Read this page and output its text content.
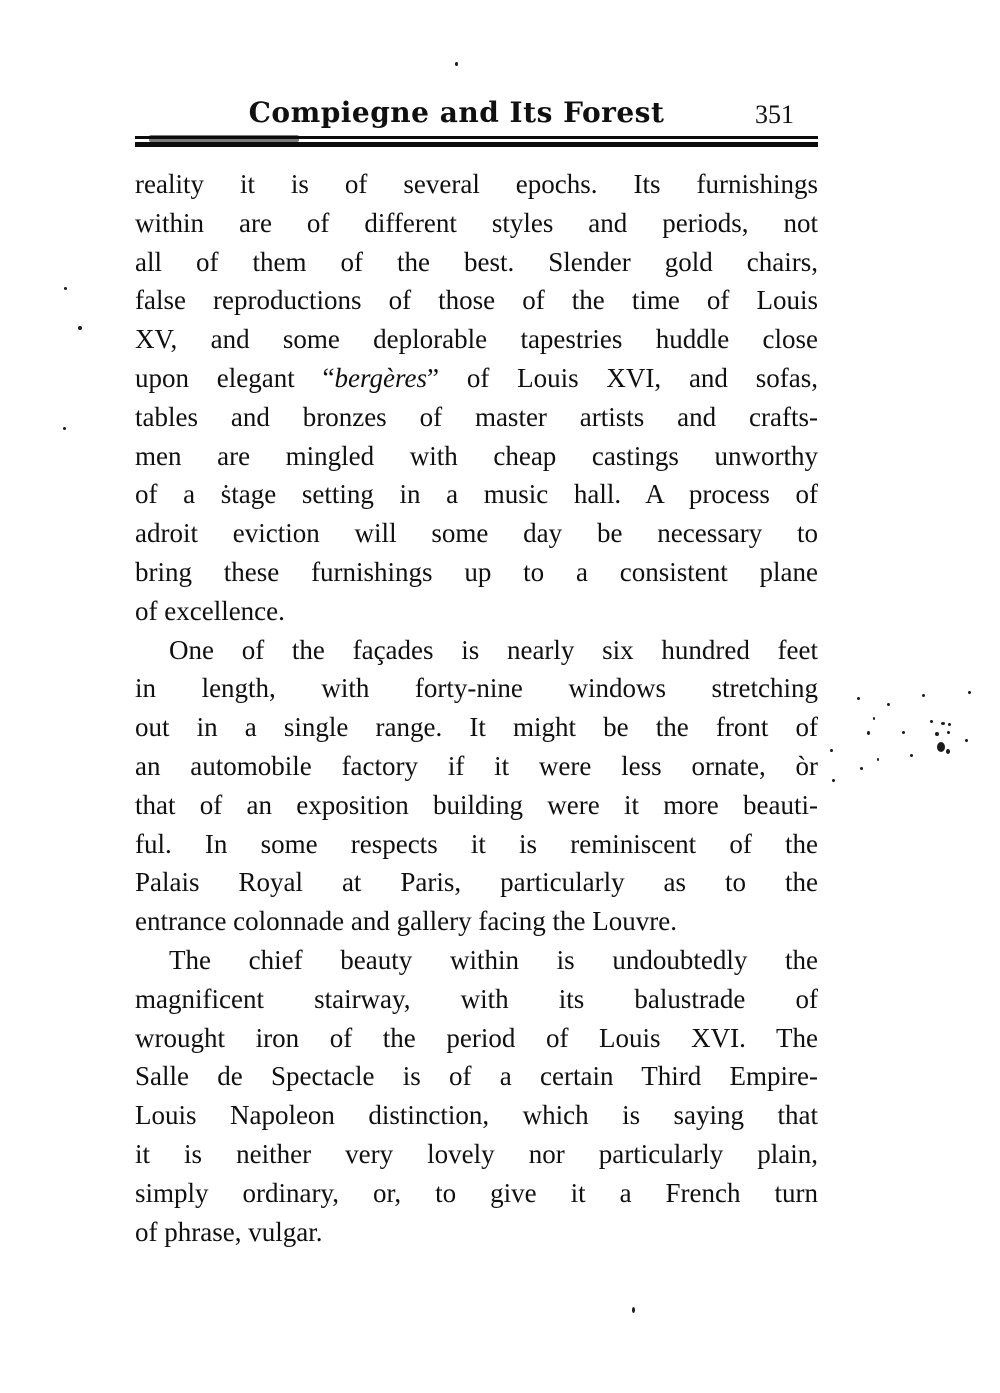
Compiegne and Its Forest	351
reality it is of several epochs. Its furnishings
within are of different styles and periods, not
all of them of the best. Slender gold chairs,
false reproductions of those of the time of Louis
XV, and some deplorable tapestries huddle close
upon elegant “bergères” of Louis XVI, and sofas,
tables and bronzes of master artists and crafts-
men are mingled with cheap castings unworthy
of a ṡtage setting in a music hall. A process of
adroit eviction will some day be necessary to
bring these furnishings up to a consistent plane
of excellence.
One of the façades is nearly six hundred feet
in length, with forty-nine windows stretching
out in a single range. It might be the front of
an automobile factory if it were less ornate, òr
that of an exposition building were it more beauti-
ful. In some respects it is reminiscent of the
Palais Royal at Paris, particularly as to the
entrance colonnade and gallery facing the Louvre.
The chief beauty within is undoubtedly the
magnificent stairway, with its balustrade of
wrought iron of the period of Louis XVI. The
Salle de Spectacle is of a certain Third Empire-
Louis Napoleon distinction, which is saying that
it is neither very lovely nor particularly plain,
simply ordinary, or, to give it a French turn
of phrase, vulgar.
